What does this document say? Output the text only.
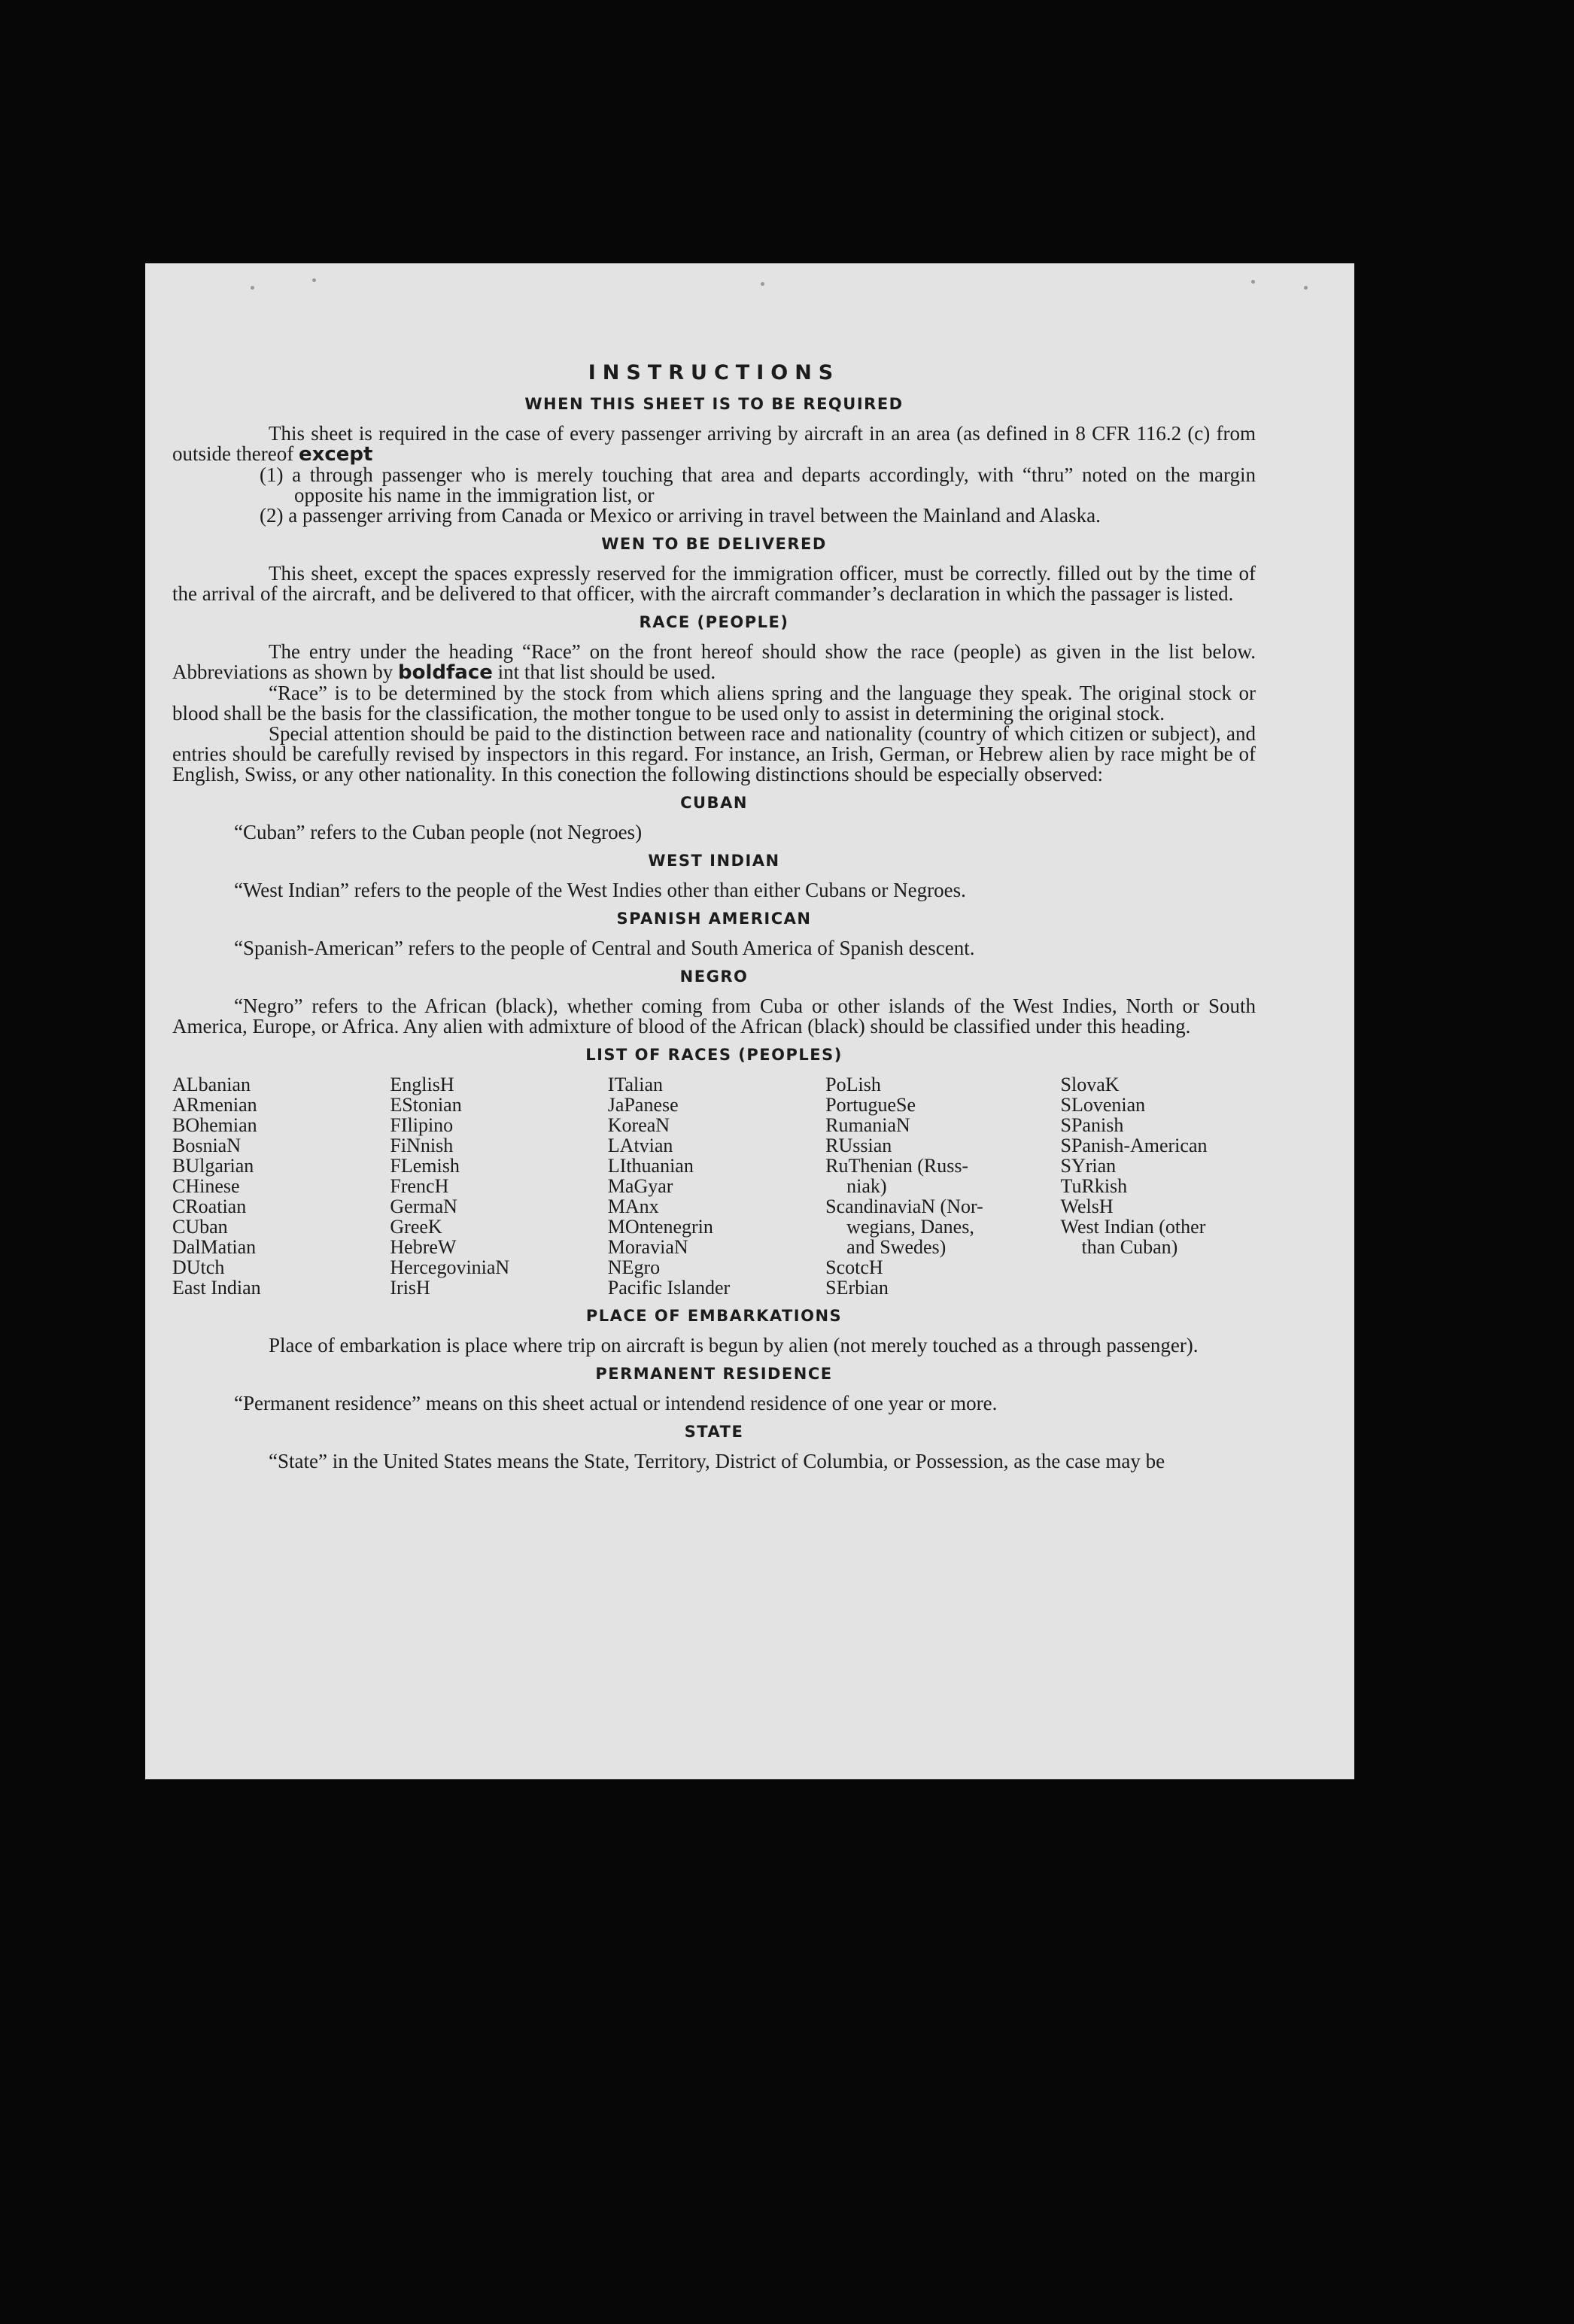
INSTRUCTIONS
WHEN THIS SHEET IS TO BE REQUIRED

This sheet is required in the case of every passenger arriving by aircraft in an area (as defined in 8 CFR 116.2 (c) from outside thereof except

(1) a through passenger who is merely touching that area and departs accordingly, with “thru” noted on the margin opposite his name in the immigration list, or

(2) a passenger arriving from Canada or Mexico or arriving in travel between the Mainland and Alaska.

WEN TO BE DELIVERED

This sheet, except the spaces expressly reserved for the immigration officer, must be correctly. filled out by the time of the arrival of the aircraft, and be delivered to that officer, with the aircraft commander’s declaration in which the passager is listed.

RACE (PEOPLE)

The entry under the heading “Race” on the front hereof should show the race (people) as given in the list below. Abbreviations as shown by boldface int that list should be used.

“Race” is to be determined by the stock from which aliens spring and the language they speak. The original stock or blood shall be the basis for the classification, the mother tongue to be used only to assist in determining the original stock.

Special attention should be paid to the distinction between race and nationality (country of which citizen or subject), and entries should be carefully revised by inspectors in this regard. For instance, an Irish, German, or Hebrew alien by race might be of English, Swiss, or any other nationality. In this conection the following distinctions should be especially observed:

CUBAN

“Cuban” refers to the Cuban people (not Negroes)

WEST INDIAN

“West Indian” refers to the people of the West Indies other than either Cubans or Negroes.

SPANISH AMERICAN

“Spanish-American” refers to the people of Central and South America of Spanish descent.

NEGRO

“Negro” refers to the African (black), whether coming from Cuba or other islands of the West Indies, North or South America, Europe, or Africa. Any alien with admixture of blood of the African (black) should be classified under this heading.

LIST OF RACES (PEOPLES)
ALbanian
ARmenian
BOhemian
BosniaN
BUlgarian
CHinese
CRoatian
CUban
DalMatian
DUtch
East Indian
EnglisH
EStonian
FIlipino
FiNnish
FLemish
FrencH
GermaN
GreeK
HebreW
HercegoviniaN
IrisH
ITalian
JaPanese
KoreaN
LAtvian
LIthuanian
MaGyar
MAnx
MOntenegrin
MoraviaN
NEgro
Pacific Islander
PoLish
PortugueSe
RumaniaN
RUssian
RuThenian (Russ-
niak)
ScandinaviaN (Nor-
wegians, Danes,
and Swedes)
ScotcH
SErbian
SlovaK
SLovenian
SPanish
SPanish-American
SYrian
TuRkish
WelsH
West Indian (other
than Cuban)
PLACE OF EMBARKATIONS

Place of embarkation is place where trip on aircraft is begun by alien (not merely touched as a through passenger).

PERMANENT RESIDENCE

“Permanent residence” means on this sheet actual or intendend residence of one year or more.

STATE

“State” in the United States means the State, Territory, District of Columbia, or Possession, as the case may be
